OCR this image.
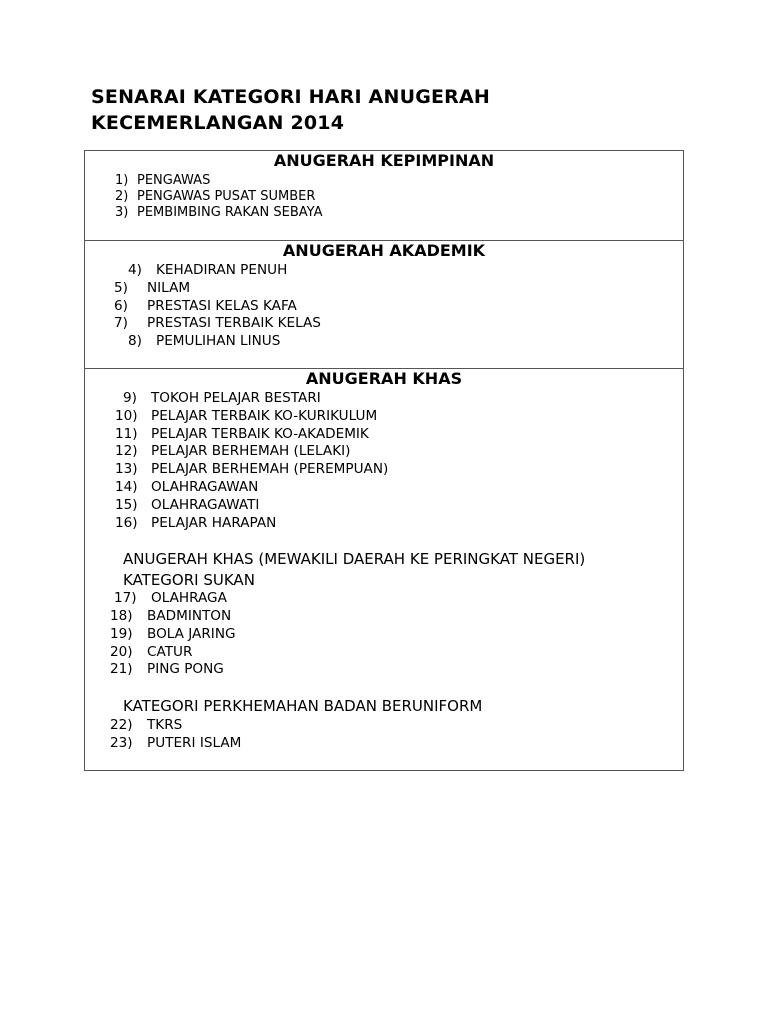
SENARAI KATEGORI HARI ANUGERAH
KECEMERLANGAN 2014
ANUGERAH KEPIMPINAN
1) PENGAWAS
2) PENGAWAS PUSAT SUMBER
3) PEMBIMBING RAKAN SEBAYA
ANUGERAH AKADEMIK
4) KEHADIRAN PENUH
5) NILAM
6) PRESTASI KELAS KAFA
7) PRESTASI TERBAIK KELAS
8) PEMULIHAN LINUS
ANUGERAH KHAS
9) TOKOH PELAJAR BESTARI
10) PELAJAR TERBAIK KO-KURIKULUM
11) PELAJAR TERBAIK KO-AKADEMIK
12) PELAJAR BERHEMAH (LELAKI)
13) PELAJAR BERHEMAH (PEREMPUAN)
14) OLAHRAGAWAN
15) OLAHRAGAWATI
16) PELAJAR HARAPAN
ANUGERAH KHAS (MEWAKILI DAERAH KE PERINGKAT NEGERI)
KATEGORI SUKAN
17) OLAHRAGA
18) BADMINTON
19) BOLA JARING
20) CATUR
21) PING PONG
KATEGORI PERKHEMAHAN BADAN BERUNIFORM
22) TKRS
23) PUTERI ISLAM
